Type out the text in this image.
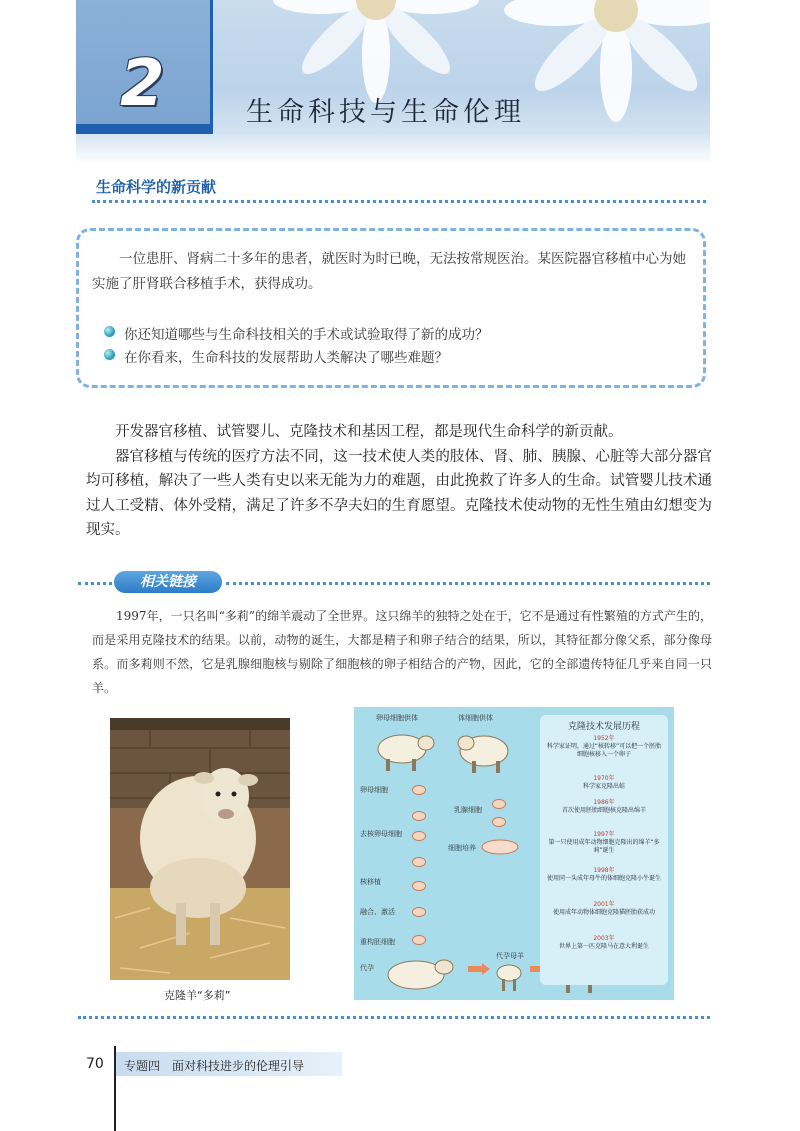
2	生命科技与生命伦理
生命科学的新贡献
一位患肝、肾病二十多年的患者，就医时为时已晚，无法按常规医治。某医院器官移植中心为她实施了肝肾联合移植手术，获得成功。
你还知道哪些与生命科技相关的手术或试验取得了新的成功？
在你看来，生命科技的发展帮助人类解决了哪些难题？

开发器官移植、试管婴儿、克隆技术和基因工程，都是现代生命科学的新贡献。

器官移植与传统的医疗方法不同，这一技术使人类的肢体、肾、肺、胰腺、心脏等大部分器官均可移植，解决了一些人类有史以来无能为力的难题，由此挽救了许多人的生命。试管婴儿技术通过人工受精、体外受精，满足了许多不孕夫妇的生育愿望。克隆技术使动物的无性生殖由幻想变为现实。

相关链接

1997年，一只名叫“多莉”的绵羊震动了全世界。这只绵羊的独特之处在于，它不是通过有性繁殖的方式产生的，而是采用克隆技术的结果。以前，动物的诞生，大都是精子和卵子结合的结果，所以，其特征都分像父系，部分像母系。而多莉则不然，它是乳腺细胞核与剔除了细胞核的卵子相结合的产物，因此，它的全部遗传特征几乎来自同一只羊。

克隆羊“多莉”
卵母细胞供体	体细胞供体
卵母细胞
去核卵母细胞
核移植
融合、激活
重构胚细胞
代孕
乳腺细胞
细胞培养
代孕母羊
克隆技术发展历程
1952年
科学家证明，通过“核转移”可以把一个胚胎细胞核移入一个卵子
1970年
科学家克隆出蛙
1986年
首次使用胚胎细胞核克隆出绵羊
1997年
第一只使用成年动物细胞克隆出的绵羊“多莉”诞生
1998年
使用同一头成年母牛的体细胞克隆小牛诞生
2001年
使用成年动物体细胞克隆猫胚胎获成功
2003年
世界上第一匹克隆马在意大利诞生
70 专题四　面对科技进步的伦理引导
